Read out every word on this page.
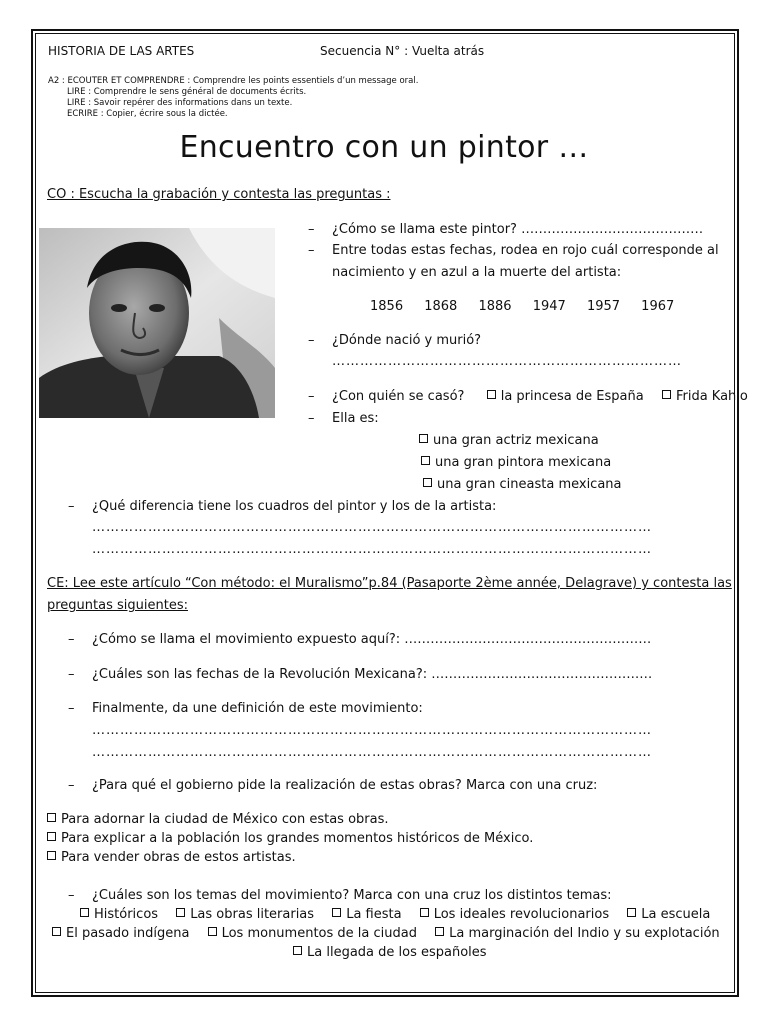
HISTORIA DE LAS ARTES	Secuencia N° : Vuelta atrás
A2 : ECOUTER ET COMPRENDRE : Comprendre les points essentiels d’un message oral.
LIRE : Comprendre le sens général de documents écrits.
LIRE : Savoir repérer des informations dans un texte.
ECRIRE : Copier, écrire sous la dictée.
Encuentro con un pintor …
CO : Escucha la grabación y contesta las preguntas :
– ¿Cómo se llama este pintor? ……………………………………
– Entre todas estas fechas, rodea en rojo cuál corresponde al
nacimiento y en azul a la muerte del artista:
1856 1868 1886 1947 1957 1967
– ¿Dónde nació y murió?
…………………………………………………………………
– ¿Con quién se casó?	la princesa de España Frida Kahlo
– Ella es:
una gran actriz mexicana
una gran pintora mexicana
una gran cineasta mexicana
– ¿Qué diferencia tiene los cuadros del pintor y los de la artista:
…………………………………………………………………………………………………………
…………………………………………………………………………………………………………
CE: Lee este artículo “Con método: el Muralismo”p.84 (Pasaporte 2ème année, Delagrave) y contesta las
preguntas siguientes:
– ¿Cómo se llama el movimiento expuesto aquí?: …………………………………………………
– ¿Cuáles son las fechas de la Revolución Mexicana?: ……………………………………………
– Finalmente, da une definición de este movimiento:
…………………………………………………………………………………………………………
…………………………………………………………………………………………………………
– ¿Para qué el gobierno pide la realización de estas obras? Marca con una cruz:
Para adornar la ciudad de México con estas obras.
Para explicar a la población los grandes momentos históricos de México.
Para vender obras de estos artistas.
– ¿Cuáles son los temas del movimiento? Marca con una cruz los distintos temas:
Históricos Las obras literarias La fiesta Los ideales revolucionarios La escuela
El pasado indígena Los monumentos de la ciudad La marginación del Indio y su explotación
La llegada de los españoles
